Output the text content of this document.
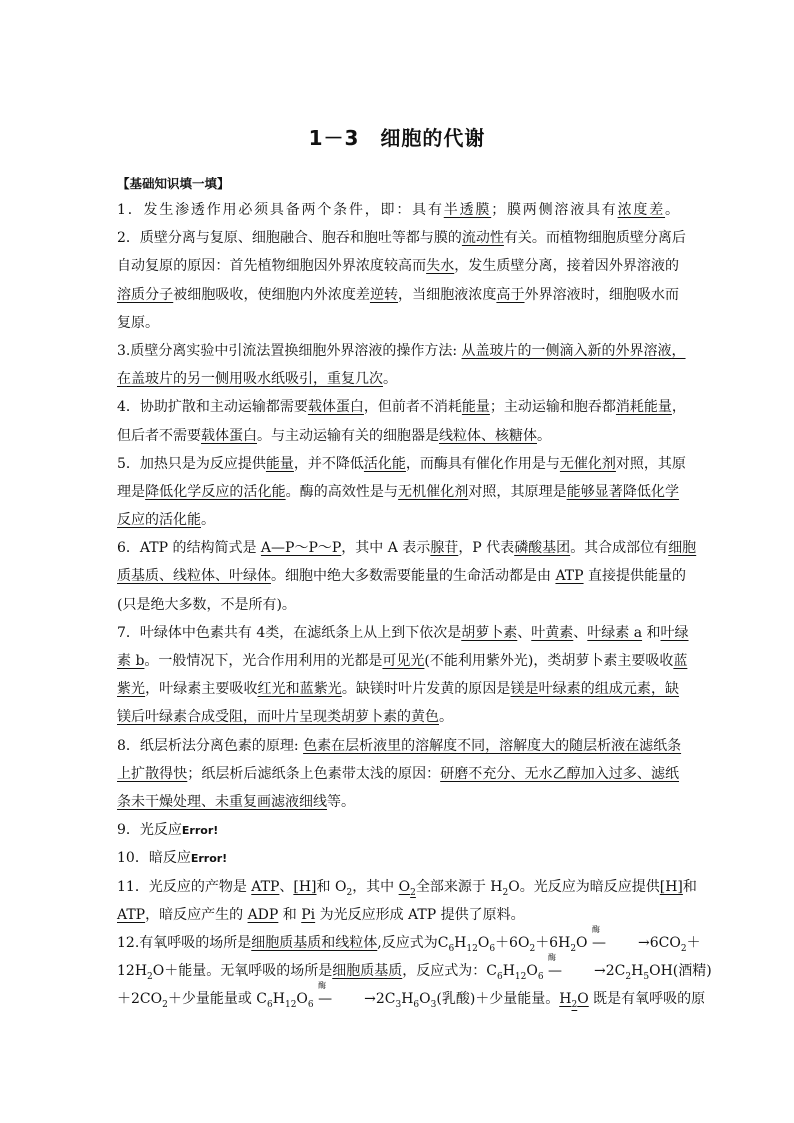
1－3　细胞的代谢
【基础知识填一填】
1．发生渗透作用必须具备两个条件，即：具有半透膜；膜两侧溶液具有浓度差。
2．质壁分离与复原、细胞融合、胞吞和胞吐等都与膜的流动性有关。而植物细胞质壁分离后
自动复原的原因：首先植物细胞因外界浓度较高而失水，发生质壁分离，接着因外界溶液的
溶质分子被细胞吸收，使细胞内外浓度差逆转，当细胞液浓度高于外界溶液时，细胞吸水而
复原。
3.质壁分离实验中引流法置换细胞外界溶液的操作方法: 从盖玻片的一侧滴入新的外界溶液，
在盖玻片的另一侧用吸水纸吸引，重复几次。
4．协助扩散和主动运输都需要载体蛋白，但前者不消耗能量；主动运输和胞吞都消耗能量，
但后者不需要载体蛋白。与主动运输有关的细胞器是线粒体、核糖体。
5．加热只是为反应提供能量，并不降低活化能，而酶具有催化作用是与无催化剂对照，其原
理是降低化学反应的活化能。酶的高效性是与无机催化剂对照，其原理是能够显著降低化学
反应的活化能。
6．ATP 的结构简式是 A—P～P～P，其中 A 表示腺苷，P 代表磷酸基团。其合成部位有细胞
质基质、线粒体、叶绿体。细胞中绝大多数需要能量的生命活动都是由 ATP 直接提供能量的
(只是绝大多数，不是所有)。
7．叶绿体中色素共有 4类，在滤纸条上从上到下依次是胡萝卜素、叶黄素、叶绿素 a 和叶绿
素 b。一般情况下，光合作用利用的光都是可见光(不能利用紫外光)，类胡萝卜素主要吸收蓝
紫光，叶绿素主要吸收红光和蓝紫光。缺镁时叶片发黄的原因是镁是叶绿素的组成元素，缺
镁后叶绿素合成受阻，而叶片呈现类胡萝卜素的黄色。
8．纸层析法分离色素的原理: 色素在层析液里的溶解度不同，溶解度大的随层析液在滤纸条
上扩散得快；纸层析后滤纸条上色素带太浅的原因：研磨不充分、无水乙醇加入过多、滤纸
条未干燥处理、未重复画滤液细线等。
9．光反应Error!
10．暗反应Error!
11．光反应的产物是 ATP、[H]和 $O_2$，其中 $O_2$全部来源于 $H_2O$。光反应为暗反应提供[H]和
ATP，暗反应产生的 ADP 和 Pi 为光反应形成 ATP 提供了原料。
12.有氧呼吸的场所是细胞质基质和线粒体,反应式为$C_6H_{12}O_6+6O_2+6H_2O$
酶
— $\to 6CO_2+$
$12H_2O+$能量。无氧呼吸的场所是细胞质基质，反应式为：$C_6H_{12}O_6$
酶
— $\to 2C_2H_5OH$(酒精)
$+2CO_2+$少量能量或 $C_6H_{12}O_6$
酶
— $\to 2C_3H_6O_3$(乳酸)＋少量能量。$H_2O$ 既是有氧呼吸的原
